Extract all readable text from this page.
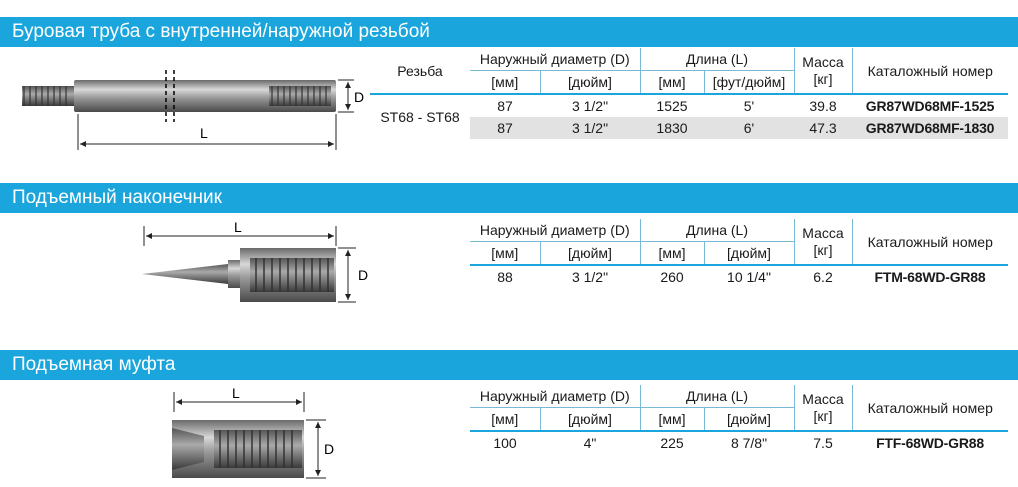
Буровая труба с внутренней/наружной резьбой
L
D
Резьба	Наружный диаметр (D)		Длина (L)		Масса
[кг]	Каталожный номер
	[мм]	[дюйм]	[мм]	[фут/дюйм]		
ST68 - ST68	87	3 1/2"	1525	5'	39.8	GR87WD68MF-1525
	87	3 1/2"	1830	6'	47.3	GR87WD68MF-1830
Подъемный наконечник
L
D
Наружный диаметр (D)		Длина (L)		Масса
[кг]	Каталожный номер
[мм]	[дюйм]	[мм]	[дюйм]		
88	3 1/2"	260	10 1/4"	6.2	FTM-68WD-GR88
Подъемная муфта
L
D
Наружный диаметр (D)		Длина (L)		Масса
[кг]	Каталожный номер
[мм]	[дюйм]	[мм]	[дюйм]		
100	4"	225	8 7/8"	7.5	FTF-68WD-GR88
